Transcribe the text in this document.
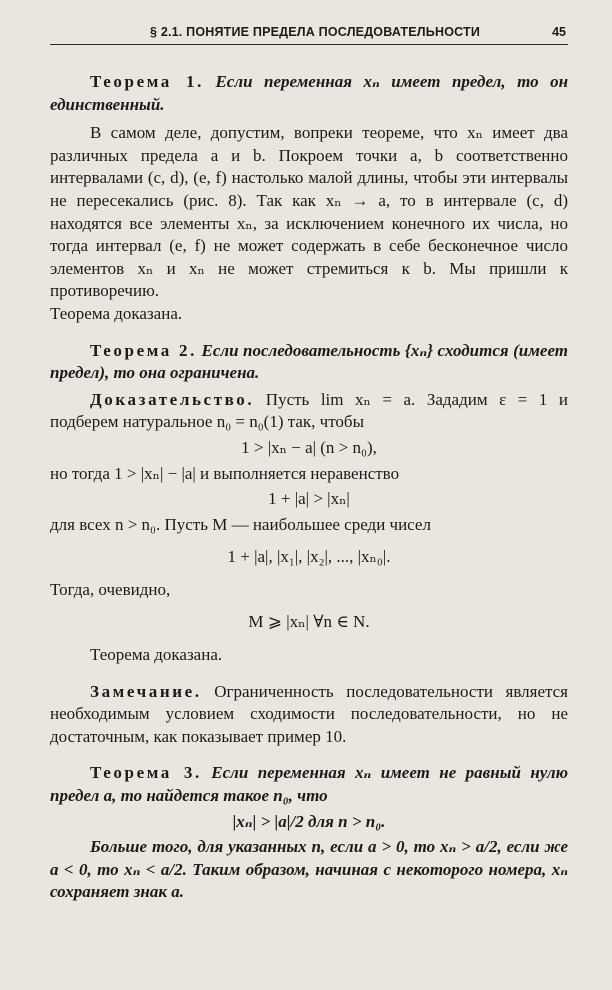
§ 2.1. ПОНЯТИЕ ПРЕДЕЛА ПОСЛЕДОВАТЕЛЬНОСТИ	45

Теорема 1. Если переменная xₙ имеет предел, то он единственный.

В самом деле, допустим, вопреки теореме, что xₙ имеет два различных предела a и b. Покроем точки a, b соответственно интервалами (c, d), (e, f) настолько малой длины, чтобы эти интервалы не пересекались (рис. 8). Так как xₙ → a, то в интервале (c, d) находятся все элементы xₙ, за исключением конечного их числа, но тогда интервал (e, f) не может содержать в себе бесконечное число элементов xₙ и xₙ не может стремиться к b. Мы пришли к противоречию.

Теорема доказана.

Теорема 2. Если последовательность {xₙ} сходится (имеет предел), то она ограничена.

Доказательство. Пусть lim xₙ = a. Зададим ε = 1 и подберем натуральное n₀ = n₀(1) так, чтобы

1 > |xₙ − a| (n > n₀),

но тогда 1 > |xₙ| − |a| и выполняется неравенство

1 + |a| > |xₙ|

для всех n > n₀. Пусть M — наибольшее среди чисел

1 + |a|, |x₁|, |x₂|, ..., |xₙ₀|.

Тогда, очевидно,

M ⩾ |xₙ| ∀n ∈ N.

Теорема доказана.

Замечание. Ограниченность последовательности является необходимым условием сходимости последовательности, но не достаточным, как показывает пример 10.

Теорема 3. Если переменная xₙ имеет не равный нулю предел a, то найдется такое n₀, что

|xₙ| > |a|/2 для n > n₀.

Больше того, для указанных n, если a > 0, то xₙ > a/2, если же a < 0, то xₙ < a/2. Таким образом, начиная с некоторого номера, xₙ сохраняет знак a.
